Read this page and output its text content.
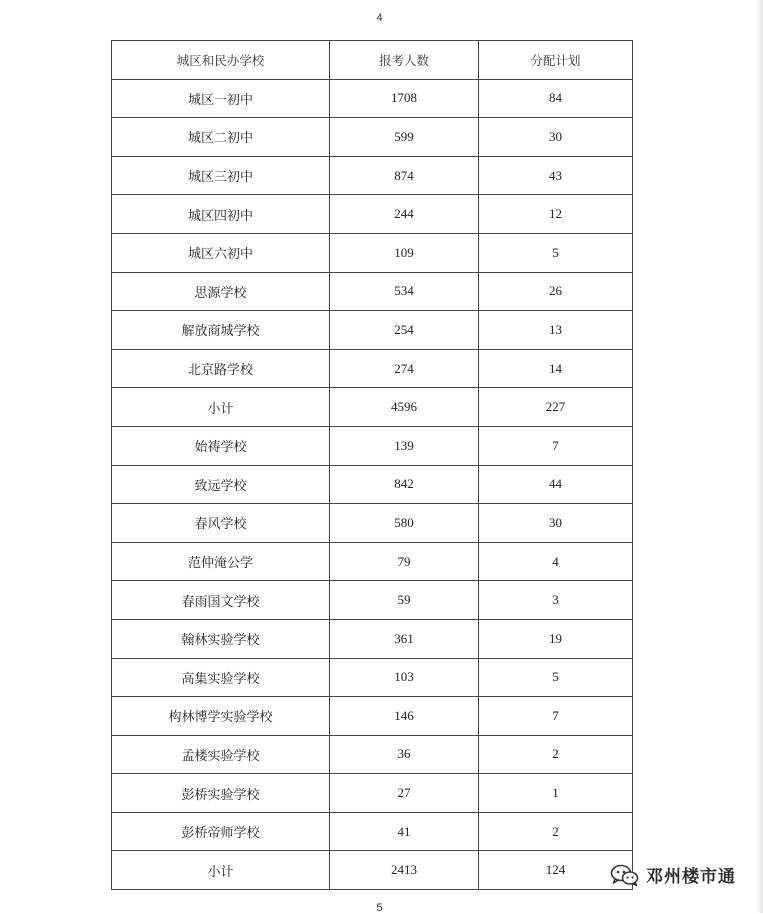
4
城区和民办学校	报考人数	分配计划
城区一初中	1708	84
城区二初中	599	30
城区三初中	874	43
城区四初中	244	12
城区六初中	109	5
思源学校	534	26
解放商城学校	254	13
北京路学校	274	14
小计	4596	227
始祷学校	139	7
致远学校	842	44
春风学校	580	30
范仲淹公学	79	4
春雨国文学校	59	3
翰林实验学校	361	19
高集实验学校	103	5
构林博学实验学校	146	7
孟楼实验学校	36	2
彭桥实验学校	27	1
彭桥帝师学校	41	2
小计	2413	124
5
邓州楼市通
